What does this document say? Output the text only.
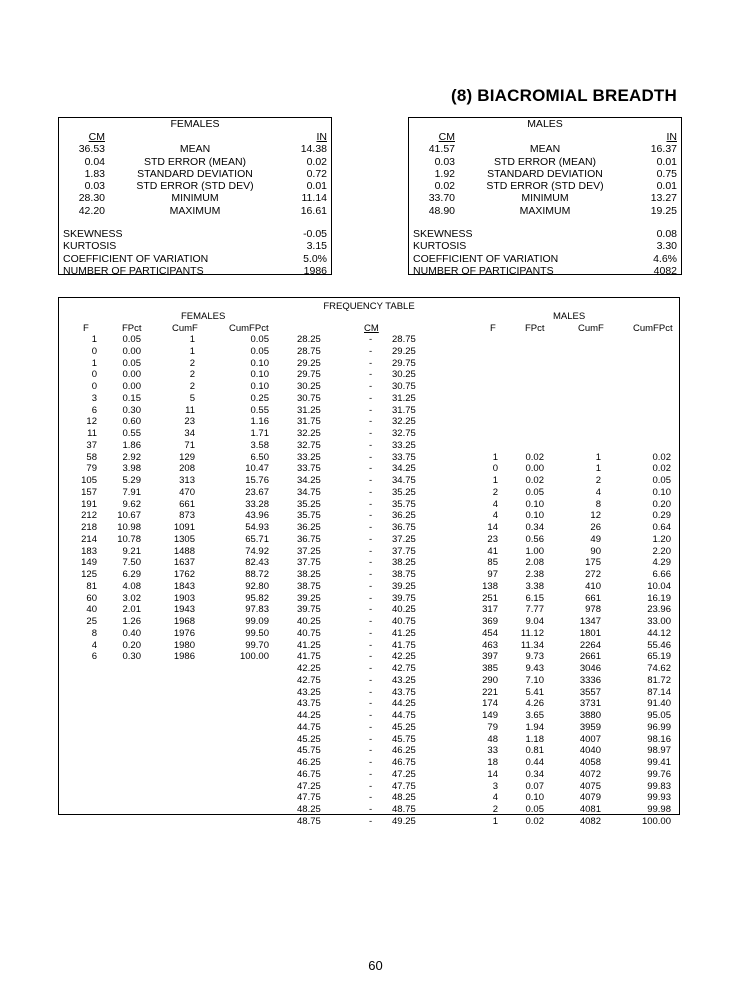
(8) BIACROMIAL BREADTH
FEMALES
CM	IN
36.53	MEAN	14.38
0.04	STD ERROR (MEAN)	0.02
1.83	STANDARD DEVIATION	0.72
0.03	STD ERROR (STD DEV)	0.01
28.30	MINIMUM	11.14
42.20	MAXIMUM	16.61
SKEWNESS	-0.05
KURTOSIS	3.15
COEFFICIENT OF VARIATION	5.0%
NUMBER OF PARTICIPANTS	1986
MALES
CM	IN
41.57	MEAN	16.37
0.03	STD ERROR (MEAN)	0.01
1.92	STANDARD DEVIATION	0.75
0.02	STD ERROR (STD DEV)	0.01
33.70	MINIMUM	13.27
48.90	MAXIMUM	19.25
SKEWNESS	0.08
KURTOSIS	3.30
COEFFICIENT OF VARIATION	4.6%
NUMBER OF PARTICIPANTS	4082
FREQUENCY TABLE
FEMALES	MALES
F	FPct	CumF	CumFPct	CM	F	FPct	CumF	CumFPct
1	0.05	1	0.05	28.25	- 28.75
0	0.00	1	0.05	28.75	- 29.25
1	0.05	2	0.10	29.25	- 29.75
0	0.00	2	0.10	29.75	- 30.25
0	0.00	2	0.10	30.25	- 30.75
3	0.15	5	0.25	30.75	- 31.25
6	0.30	11	0.55	31.25	- 31.75
12	0.60	23	1.16	31.75	- 32.25
11	0.55	34	1.71	32.25	- 32.75
37	1.86	71	3.58	32.75	- 33.25
58	2.92	129	6.50	33.25	- 33.75	1	0.02	1	0.02
79	3.98	208	10.47	33.75	- 34.25	0	0.00	1	0.02
105	5.29	313	15.76	34.25	- 34.75	1	0.02	2	0.05
157	7.91	470	23.67	34.75	- 35.25	2	0.05	4	0.10
191	9.62	661	33.28	35.25	- 35.75	4	0.10	8	0.20
212 10.67	873	43.96	35.75	- 36.25	4	0.10	12	0.29
218 10.98	1091	54.93	36.25	- 36.75	14	0.34	26	0.64
214 10.78	1305	65.71	36.75	- 37.25	23	0.56	49	1.20
183	9.21	1488	74.92	37.25	- 37.75	41	1.00	90	2.20
149	7.50	1637	82.43	37.75	- 38.25	85	2.08	175	4.29
125	6.29	1762	88.72	38.25	- 38.75	97	2.38	272	6.66
81	4.08	1843	92.80	38.75	- 39.25	138	3.38	410	10.04
60	3.02	1903	95.82	39.25	- 39.75	251	6.15	661	16.19
40	2.01	1943	97.83	39.75	- 40.25	317	7.77	978	23.96
25	1.26	1968	99.09	40.25	- 40.75	369	9.04	1347	33.00
8	0.40	1976	99.50	40.75	- 41.25	454 11.12	1801	44.12
4	0.20	1980	99.70	41.25	- 41.75	463 11.34	2264	55.46
6	0.30	1986	100.00	41.75	- 42.25	397	9.73	2661	65.19
42.25	- 42.75	385	9.43	3046	74.62
42.75	- 43.25	290	7.10	3336	81.72
43.25	- 43.75	221	5.41	3557	87.14
43.75	- 44.25	174	4.26	3731	91.40
44.25	- 44.75	149	3.65	3880	95.05
44.75	- 45.25	79	1.94	3959	96.99
45.25	- 45.75	48	1.18	4007	98.16
45.75	- 46.25	33	0.81	4040	98.97
46.25	- 46.75	18	0.44	4058	99.41
46.75	- 47.25	14	0.34	4072	99.76
47.25	- 47.75	3	0.07	4075	99.83
47.75	- 48.25	4	0.10	4079	99.93
48.25	- 48.75	2	0.05	4081	99.98
48.75	- 49.25	1	0.02	4082	100.00
60
